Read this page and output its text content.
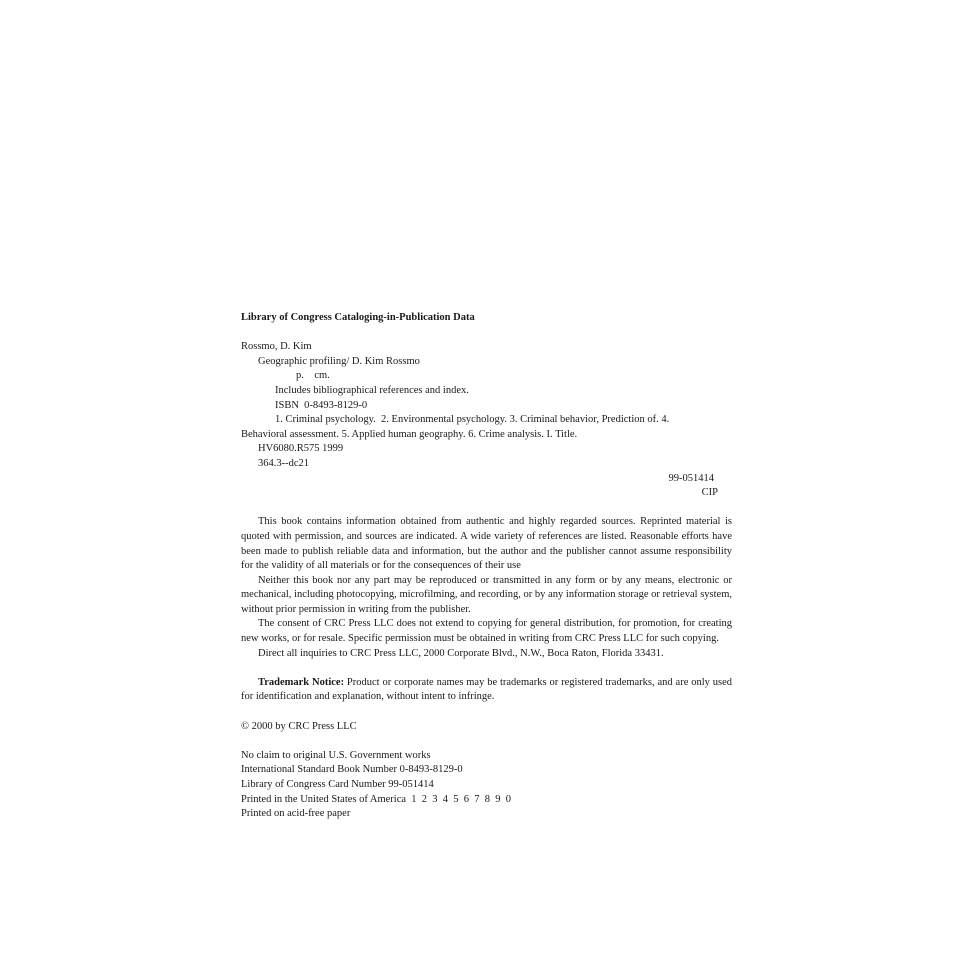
Library of Congress Cataloging-in-Publication Data
Rossmo, D. Kim
Geographic profiling/ D. Kim Rossmo
p.    cm.
Includes bibliographical references and index.
ISBN  0-8493-8129-0
1. Criminal psychology.  2. Environmental psychology. 3. Criminal behavior, Prediction of. 4.
Behavioral assessment. 5. Applied human geography. 6. Crime analysis. I. Title.
HV6080.R575 1999
364.3--dc21
99-051414
CIP

This book contains information obtained from authentic and highly regarded sources. Reprinted material is quoted with permission, and sources are indicated. A wide variety of references are listed. Reasonable efforts have been made to publish reliable data and information, but the author and the publisher cannot assume responsibility for the validity of all materials or for the consequences of their use

Neither this book nor any part may be reproduced or transmitted in any form or by any means, electronic or mechanical, including photocopying, microfilming, and recording, or by any information storage or retrieval system, without prior permission in writing from the publisher.

The consent of CRC Press LLC does not extend to copying for general distribution, for promotion, for creating new works, or for resale. Specific permission must be obtained in writing from CRC Press LLC for such copying.

Direct all inquiries to CRC Press LLC, 2000 Corporate Blvd., N.W., Boca Raton, Florida 33431.

Trademark Notice: Product or corporate names may be trademarks or registered trademarks, and are only used for identification and explanation, without intent to infringe.

© 2000 by CRC Press LLC
No claim to original U.S. Government works
International Standard Book Number 0-8493-8129-0
Library of Congress Card Number 99-051414
Printed in the United States of America  1  2  3  4  5  6  7  8  9  0
Printed on acid-free paper
